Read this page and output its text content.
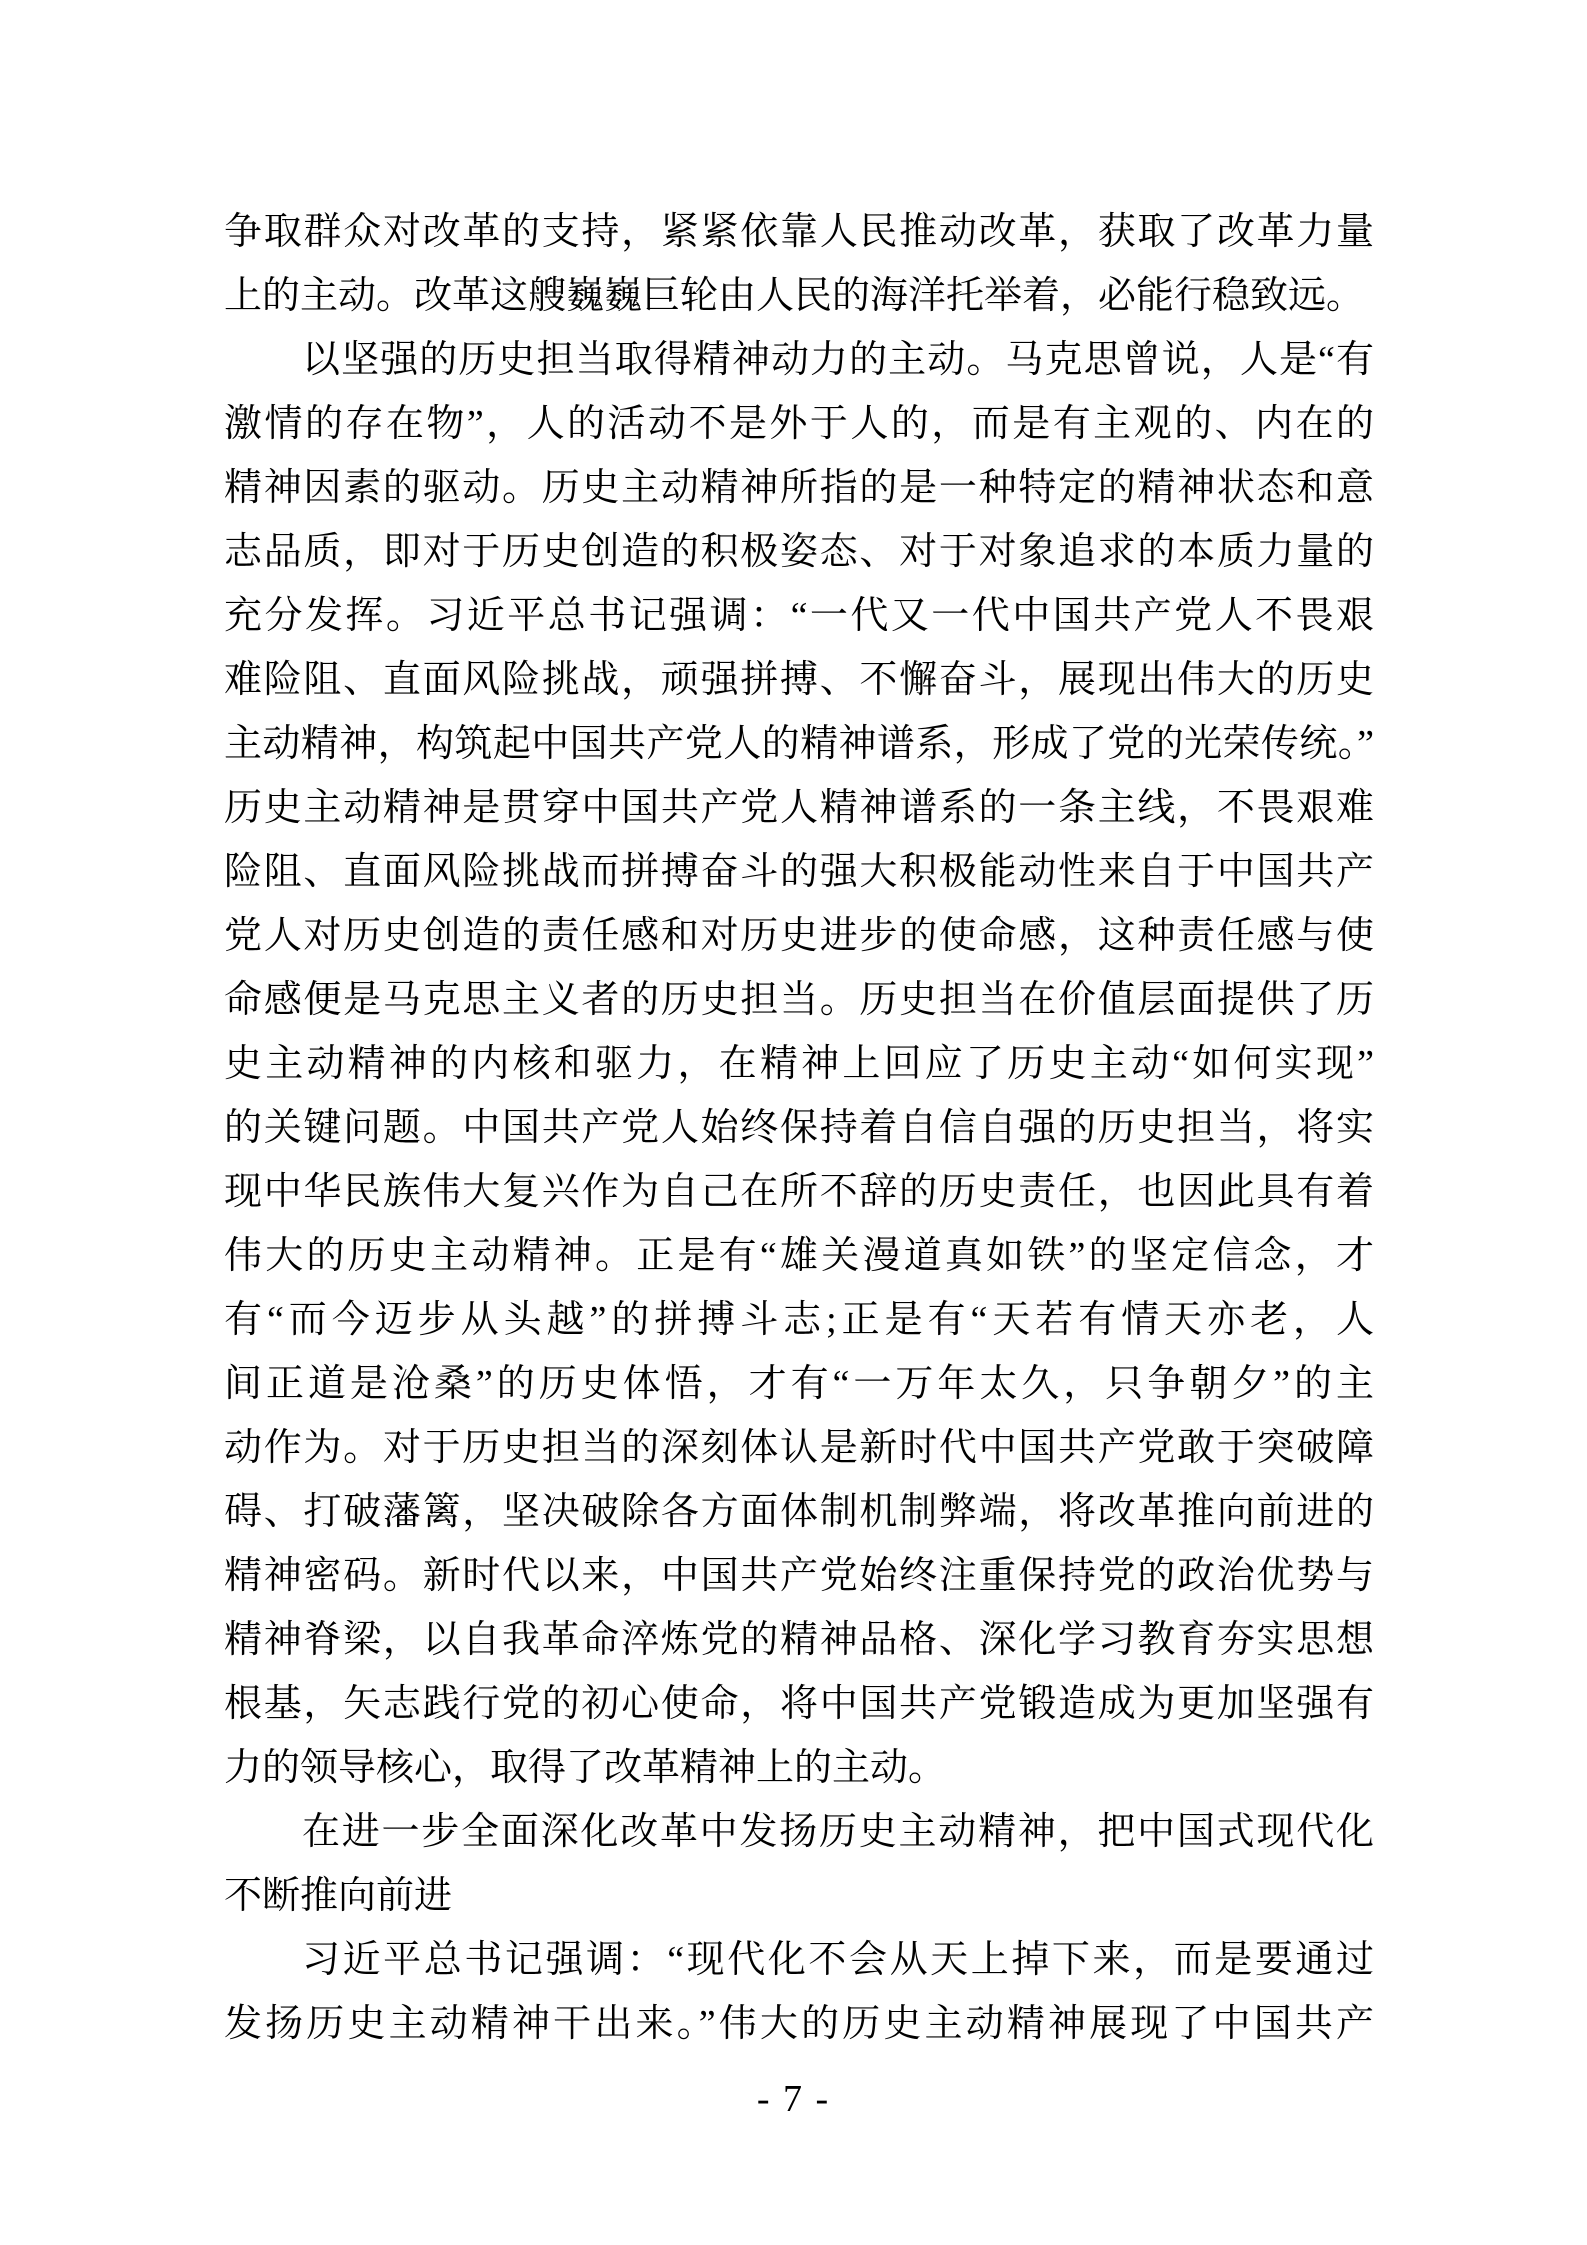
争取群众对改革的支持，紧紧依靠人民推动改革，获取了改革力量
上的主动。改革这艘巍巍巨轮由人民的海洋托举着，必能行稳致远。
以坚强的历史担当取得精神动力的主动。马克思曾说，人是“有
激情的存在物”，人的活动不是外于人的，而是有主观的、内在的
精神因素的驱动。历史主动精神所指的是一种特定的精神状态和意
志品质，即对于历史创造的积极姿态、对于对象追求的本质力量的
充分发挥。习近平总书记强调：“一代又一代中国共产党人不畏艰
难险阻、直面风险挑战，顽强拼搏、不懈奋斗，展现出伟大的历史
主动精神，构筑起中国共产党人的精神谱系，形成了党的光荣传统。”
历史主动精神是贯穿中国共产党人精神谱系的一条主线，不畏艰难
险阻、直面风险挑战而拼搏奋斗的强大积极能动性来自于中国共产
党人对历史创造的责任感和对历史进步的使命感，这种责任感与使
命感便是马克思主义者的历史担当。历史担当在价值层面提供了历
史主动精神的内核和驱力，在精神上回应了历史主动“如何实现”
的关键问题。中国共产党人始终保持着自信自强的历史担当，将实
现中华民族伟大复兴作为自己在所不辞的历史责任，也因此具有着
伟大的历史主动精神。正是有“雄关漫道真如铁”的坚定信念，才
有“而今迈步从头越”的拼搏斗志;正是有“天若有情天亦老，人
间正道是沧桑”的历史体悟，才有“一万年太久，只争朝夕”的主
动作为。对于历史担当的深刻体认是新时代中国共产党敢于突破障
碍、打破藩篱，坚决破除各方面体制机制弊端，将改革推向前进的
精神密码。新时代以来，中国共产党始终注重保持党的政治优势与
精神脊梁，以自我革命淬炼党的精神品格、深化学习教育夯实思想
根基，矢志践行党的初心使命，将中国共产党锻造成为更加坚强有
力的领导核心，取得了改革精神上的主动。
在进一步全面深化改革中发扬历史主动精神，把中国式现代化
不断推向前进
习近平总书记强调：“现代化不会从天上掉下来，而是要通过
发扬历史主动精神干出来。”伟大的历史主动精神展现了中国共产
- 7 -
